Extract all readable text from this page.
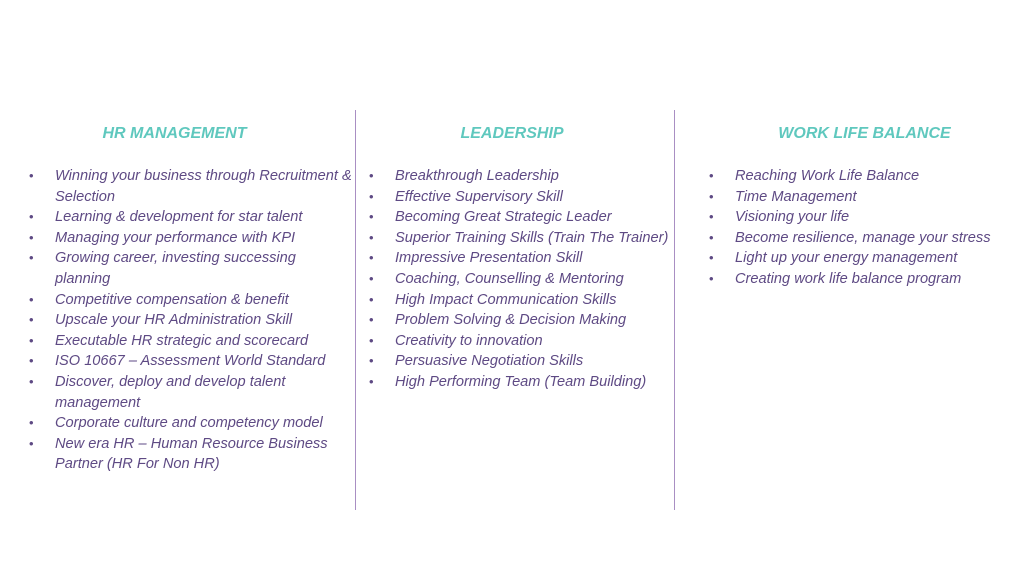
HR MANAGEMENT
• Winning your business through Recruitment & Selection
• Learning & development for star talent
• Managing your performance with KPI
• Growing career, investing successing planning
• Competitive compensation & benefit
• Upscale your HR Administration Skill
• Executable HR strategic and scorecard
• ISO 10667 – Assessment World Standard
• Discover, deploy and develop talent management
• Corporate culture and competency model
• New era HR – Human Resource Business Partner (HR For Non HR)
LEADERSHIP
• Breakthrough Leadership
• Effective Supervisory Skill
• Becoming Great Strategic Leader
• Superior Training Skills (Train The Trainer)
• Impressive Presentation Skill
• Coaching, Counselling & Mentoring
• High Impact Communication Skills
• Problem Solving & Decision Making
• Creativity to innovation
• Persuasive Negotiation Skills
• High Performing Team (Team Building)
WORK LIFE BALANCE
• Reaching Work Life Balance
• Time Management
• Visioning your life
• Become resilience, manage your stress
• Light up your energy management
• Creating work life balance program
